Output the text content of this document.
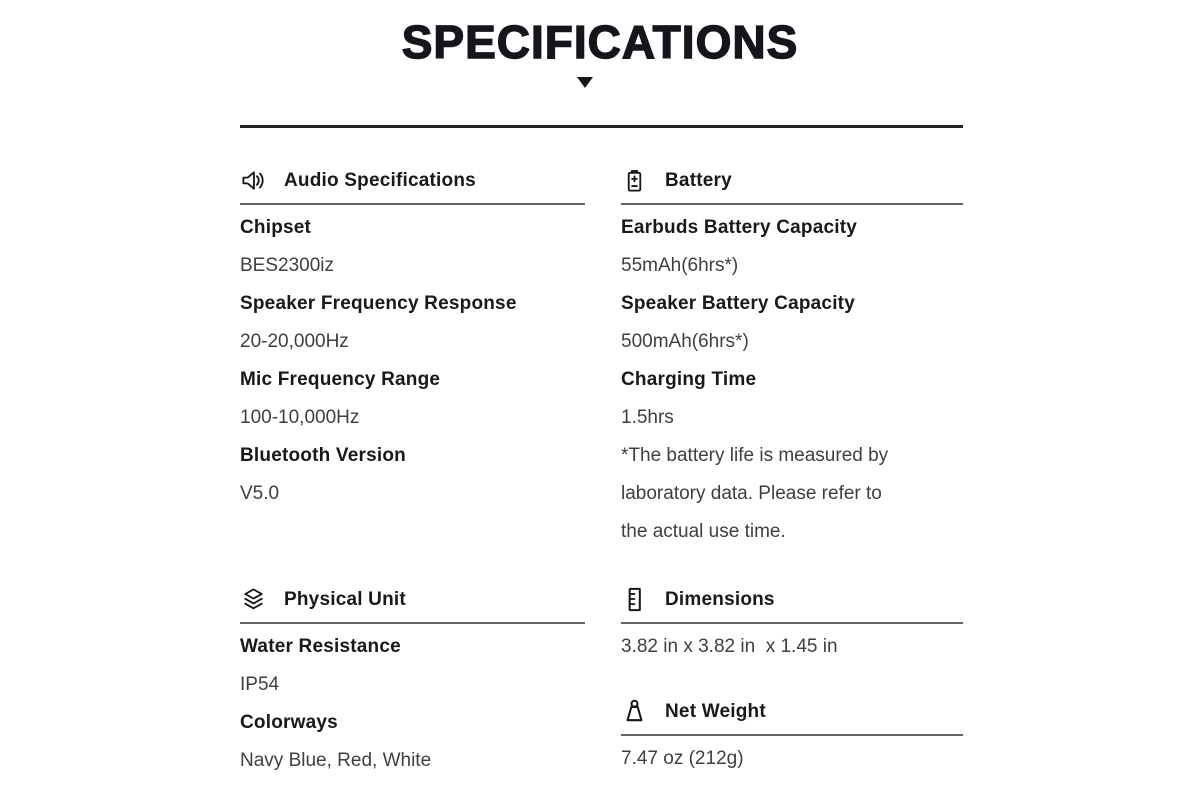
SPECIFICATIONS
Audio Specifications
Chipset
BES2300iz
Speaker Frequency Response
20-20,000Hz
Mic Frequency Range
100-10,000Hz
Bluetooth Version
V5.0
Battery
Earbuds Battery Capacity
55mAh(6hrs*)
Speaker Battery Capacity
500mAh(6hrs*)
Charging Time
1.5hrs
*The battery life is measured by
laboratory data. Please refer to
the actual use time.
Physical Unit
Water Resistance
IP54
Colorways
Navy Blue, Red, White
Dimensions
3.82 in x 3.82 in  x 1.45 in
Net Weight
7.47 oz (212g)
